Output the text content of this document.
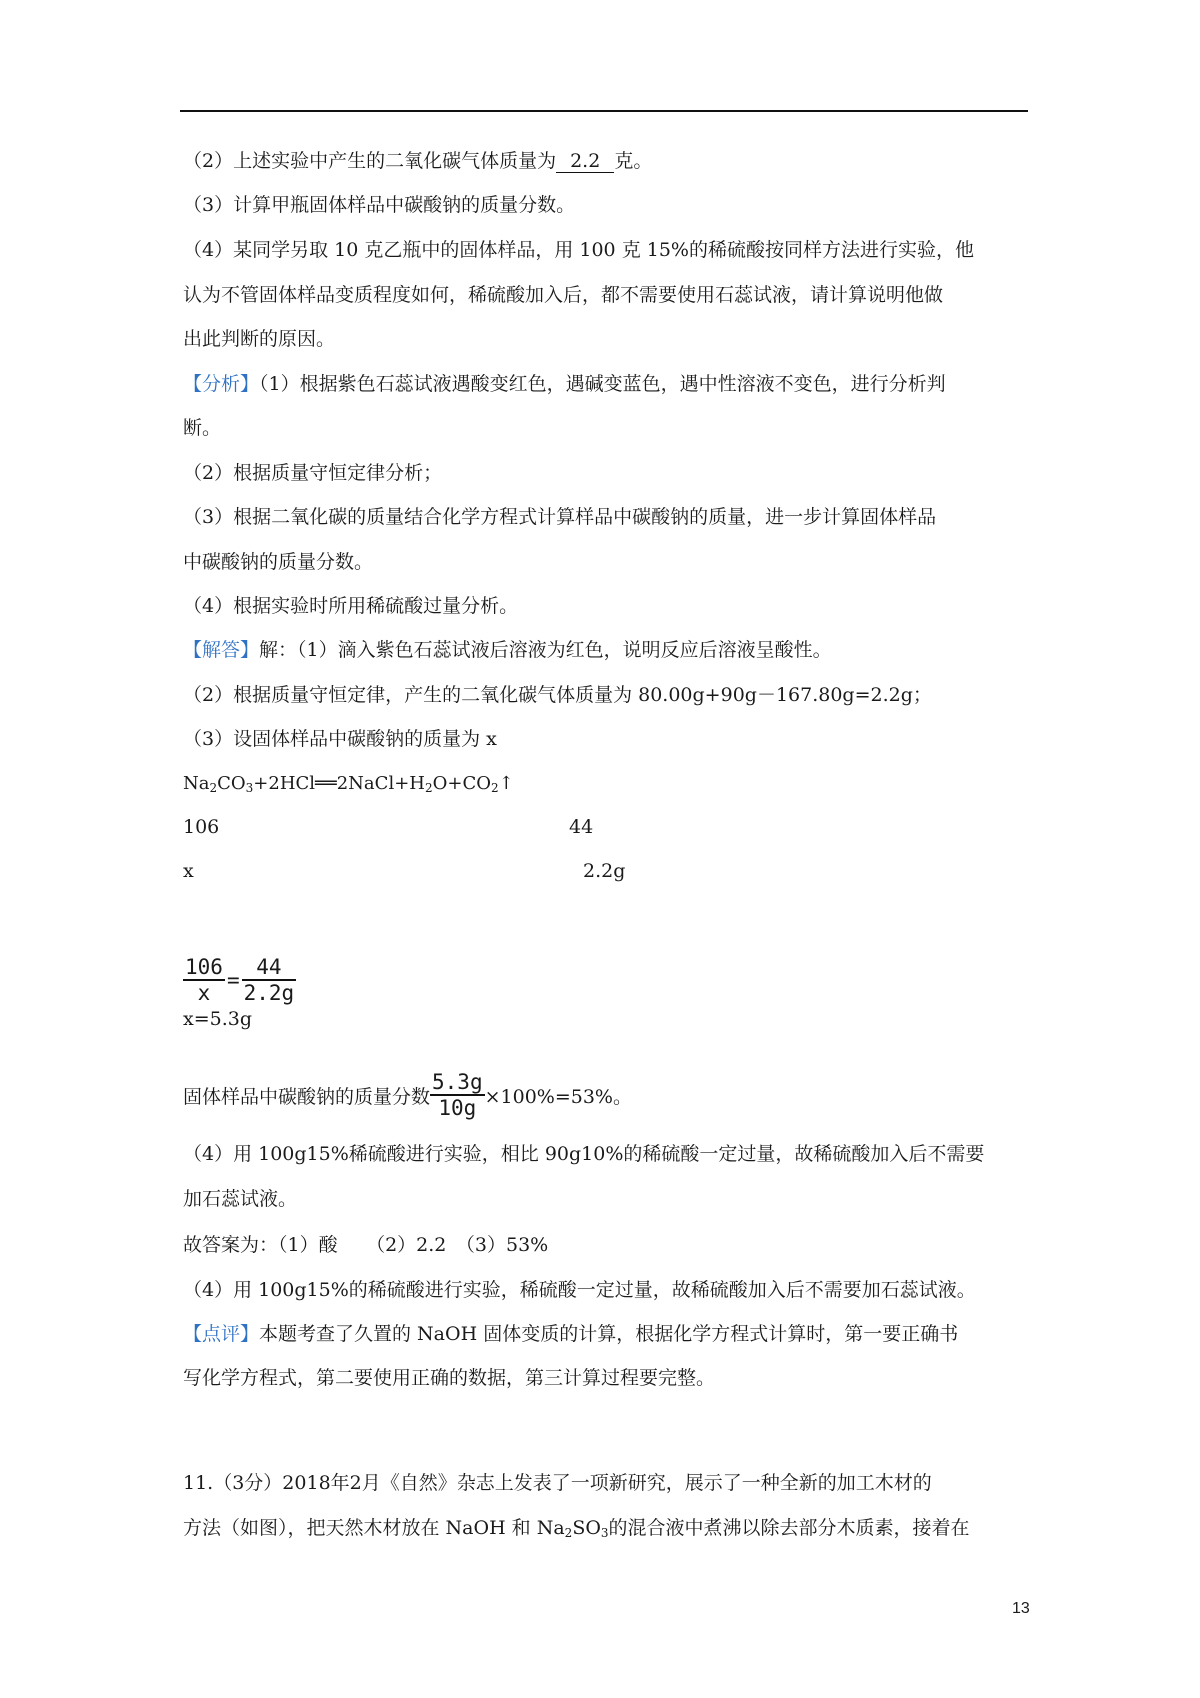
（2）上述实验中产生的二氧化碳气体质量为 2.2 克。
（3）计算甲瓶固体样品中碳酸钠的质量分数。
（4）某同学另取 10 克乙瓶中的固体样品，用 100 克 15%的稀硫酸按同样方法进行实验，他
认为不管固体样品变质程度如何，稀硫酸加入后，都不需要使用石蕊试液，请计算说明他做
出此判断的原因。
【分析】（1）根据紫色石蕊试液遇酸变红色，遇碱变蓝色，遇中性溶液不变色，进行分析判
断。
（2）根据质量守恒定律分析；
（3）根据二氧化碳的质量结合化学方程式计算样品中碳酸钠的质量，进一步计算固体样品
中碳酸钠的质量分数。
（4）根据实验时所用稀硫酸过量分析。
【解答】解：（1）滴入紫色石蕊试液后溶液为红色，说明反应后溶液呈酸性。
（2）根据质量守恒定律，产生的二氧化碳气体质量为 80.00g+90g－167.80g=2.2g；
（3）设固体样品中碳酸钠的质量为 x
$Na_2CO_3+2HCl══2NaCl+H_2O+CO_2↑$
106	44
x	2.2g
$\frac{106}{x} = \frac{44}{2.2g}$
x=5.3g
固体样品中碳酸钠的质量分数 $\frac{5.3g}{10g} \times 100\%=53\%$。
（4）用 100g15%稀硫酸进行实验，相比 90g10%的稀硫酸一定过量，故稀硫酸加入后不需要
加石蕊试液。
故答案为：（1）酸　　（2）2.2　（3）53%
（4）用 100g15%的稀硫酸进行实验，稀硫酸一定过量，故稀硫酸加入后不需要加石蕊试液。
【点评】本题考查了久置的 NaOH 固体变质的计算，根据化学方程式计算时，第一要正确书
写化学方程式，第二要使用正确的数据，第三计算过程要完整。
11.（3分）2018年2月《自然》杂志上发表了一项新研究，展示了一种全新的加工木材的
方法（如图），把天然木材放在 NaOH 和 $Na_2SO_3$的混合液中煮沸以除去部分木质素，接着在
13
